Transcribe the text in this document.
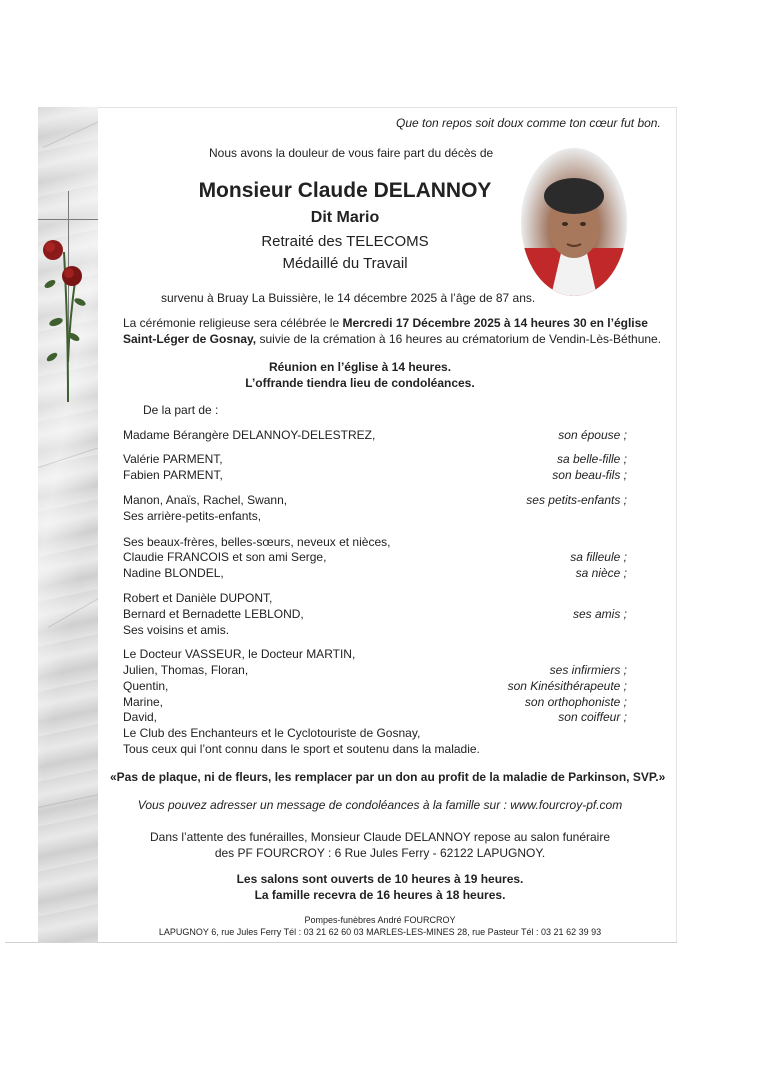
Que ton repos soit doux comme ton cœur fut bon.
Nous avons la douleur de vous faire part du décès de
Monsieur Claude DELANNOY
Dit Mario
Retraité des TELECOMS
Médaillé du Travail
survenu à Bruay La Buissière, le 14 décembre 2025 à l’âge de 87 ans.
La cérémonie religieuse sera célébrée le Mercredi 17 Décembre 2025 à 14 heures 30 en l’église
Saint-Léger de Gosnay, suivie de la crémation à 16 heures au crématorium de Vendin-Lès-Béthune.
Réunion en l’église à 14 heures.
L’offrande tiendra lieu de condoléances.
De la part de :
Madame Bérangère DELANNOY-DELESTREZ,	son épouse ;
Valérie PARMENT,	sa belle-fille ;
Fabien PARMENT,	son beau-fils ;
Manon, Anaïs, Rachel, Swann,	ses petits-enfants ;
Ses arrière-petits-enfants,
Ses beaux-frères, belles-sœurs, neveux et nièces,
Claudie FRANCOIS et son ami Serge,	sa filleule ;
Nadine BLONDEL,	sa nièce ;
Robert et Danièle DUPONT,
Bernard et Bernadette LEBLOND,	ses amis ;
Ses voisins et amis.
Le Docteur VASSEUR, le Docteur MARTIN,
Julien, Thomas, Floran,	ses infirmiers ;
Quentin,	son Kinésithérapeute ;
Marine,	son orthophoniste ;
David,	son coiffeur ;
Le Club des Enchanteurs et le Cyclotouriste de Gosnay,
Tous ceux qui l’ont connu dans le sport et soutenu dans la maladie.
«Pas de plaque, ni de fleurs, les remplacer par un don au profit de la maladie de Parkinson, SVP.»
Vous pouvez adresser un message de condoléances à la famille sur : www.fourcroy-pf.com
Dans l’attente des funérailles, Monsieur Claude DELANNOY repose au salon funéraire
des PF FOURCROY : 6 Rue Jules Ferry - 62122 LAPUGNOY.
Les salons sont ouverts de 10 heures à 19 heures.
La famille recevra de 16 heures à 18 heures.
Pompes-funèbres André FOURCROY
LAPUGNOY 6, rue Jules Ferry Tél : 03 21 62 60 03 MARLES-LES-MINES 28, rue Pasteur Tél : 03 21 62 39 93
